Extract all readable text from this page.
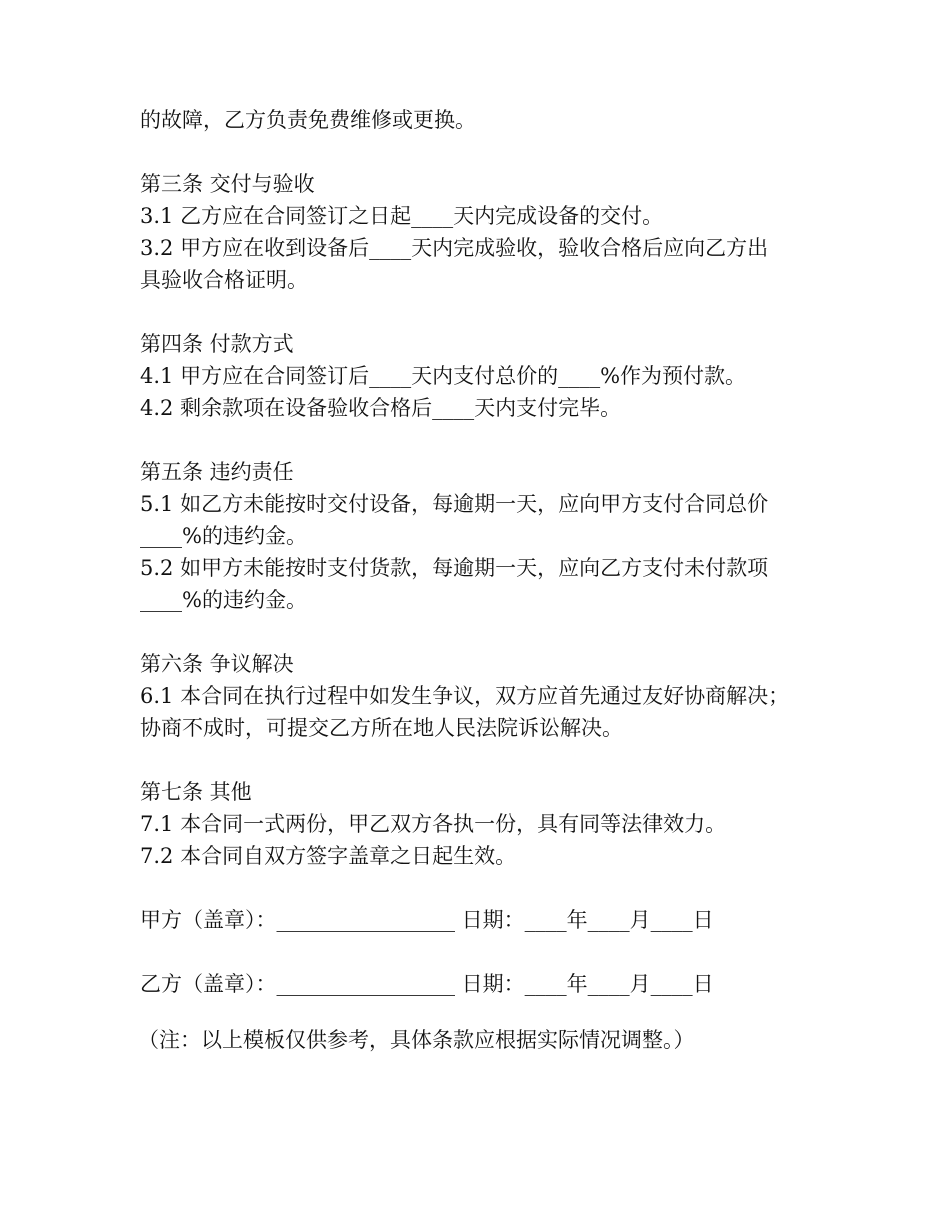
的故障，乙方负责免费维修或更换。
第三条 交付与验收
3.1 乙方应在合同签订之日起____天内完成设备的交付。
3.2 甲方应在收到设备后____天内完成验收，验收合格后应向乙方出
具验收合格证明。
第四条 付款方式
4.1 甲方应在合同签订后____天内支付总价的____%作为预付款。
4.2 剩余款项在设备验收合格后____天内支付完毕。
第五条 违约责任
5.1 如乙方未能按时交付设备，每逾期一天，应向甲方支付合同总价
____%的违约金。
5.2 如甲方未能按时支付货款，每逾期一天，应向乙方支付未付款项
____%的违约金。
第六条 争议解决
6.1 本合同在执行过程中如发生争议，双方应首先通过友好协商解决；
协商不成时，可提交乙方所在地人民法院诉讼解决。
第七条 其他
7.1 本合同一式两份，甲乙双方各执一份，具有同等法律效力。
7.2 本合同自双方签字盖章之日起生效。
甲方（盖章）：_________________ 日期：____年____月____日
乙方（盖章）：_________________ 日期：____年____月____日
（注：以上模板仅供参考，具体条款应根据实际情况调整。）
